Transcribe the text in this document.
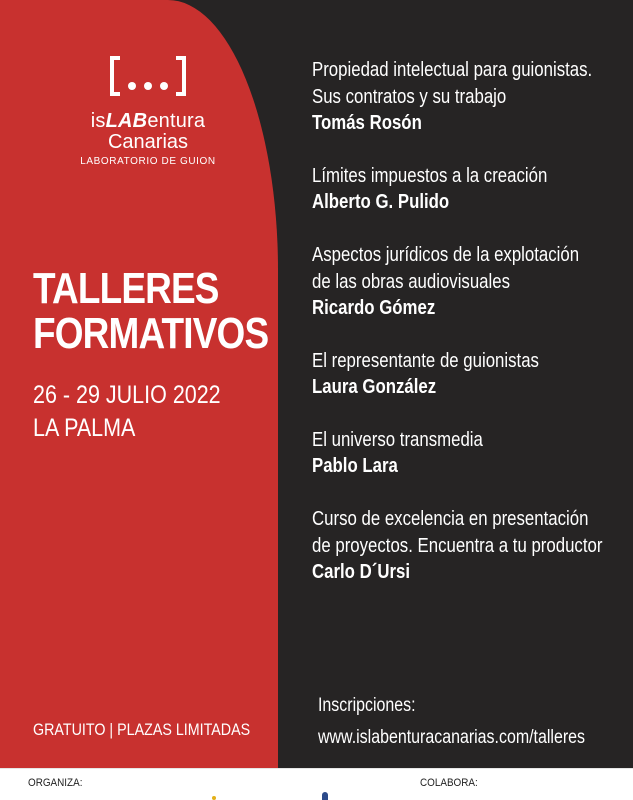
isLABentura
Canarias
LABORATORIO DE GUION
TALLERES
FORMATIVOS
26 - 29 JULIO 2022
LA PALMA
GRATUITO | PLAZAS LIMITADAS
Propiedad intelectual para guionistas.
Sus contratos y su trabajo
Tomás Rosón
Límites impuestos a la creación
Alberto G. Pulido
Aspectos jurídicos de la explotación
de las obras audiovisuales
Ricardo Gómez
El representante de guionistas
Laura González
El universo transmedia
Pablo Lara
Curso de excelencia en presentación
de proyectos. Encuentra a tu productor
Carlo D´Ursi
Inscripciones:
www.islabenturacanarias.com/talleres
ORGANIZA:	COLABORA:
